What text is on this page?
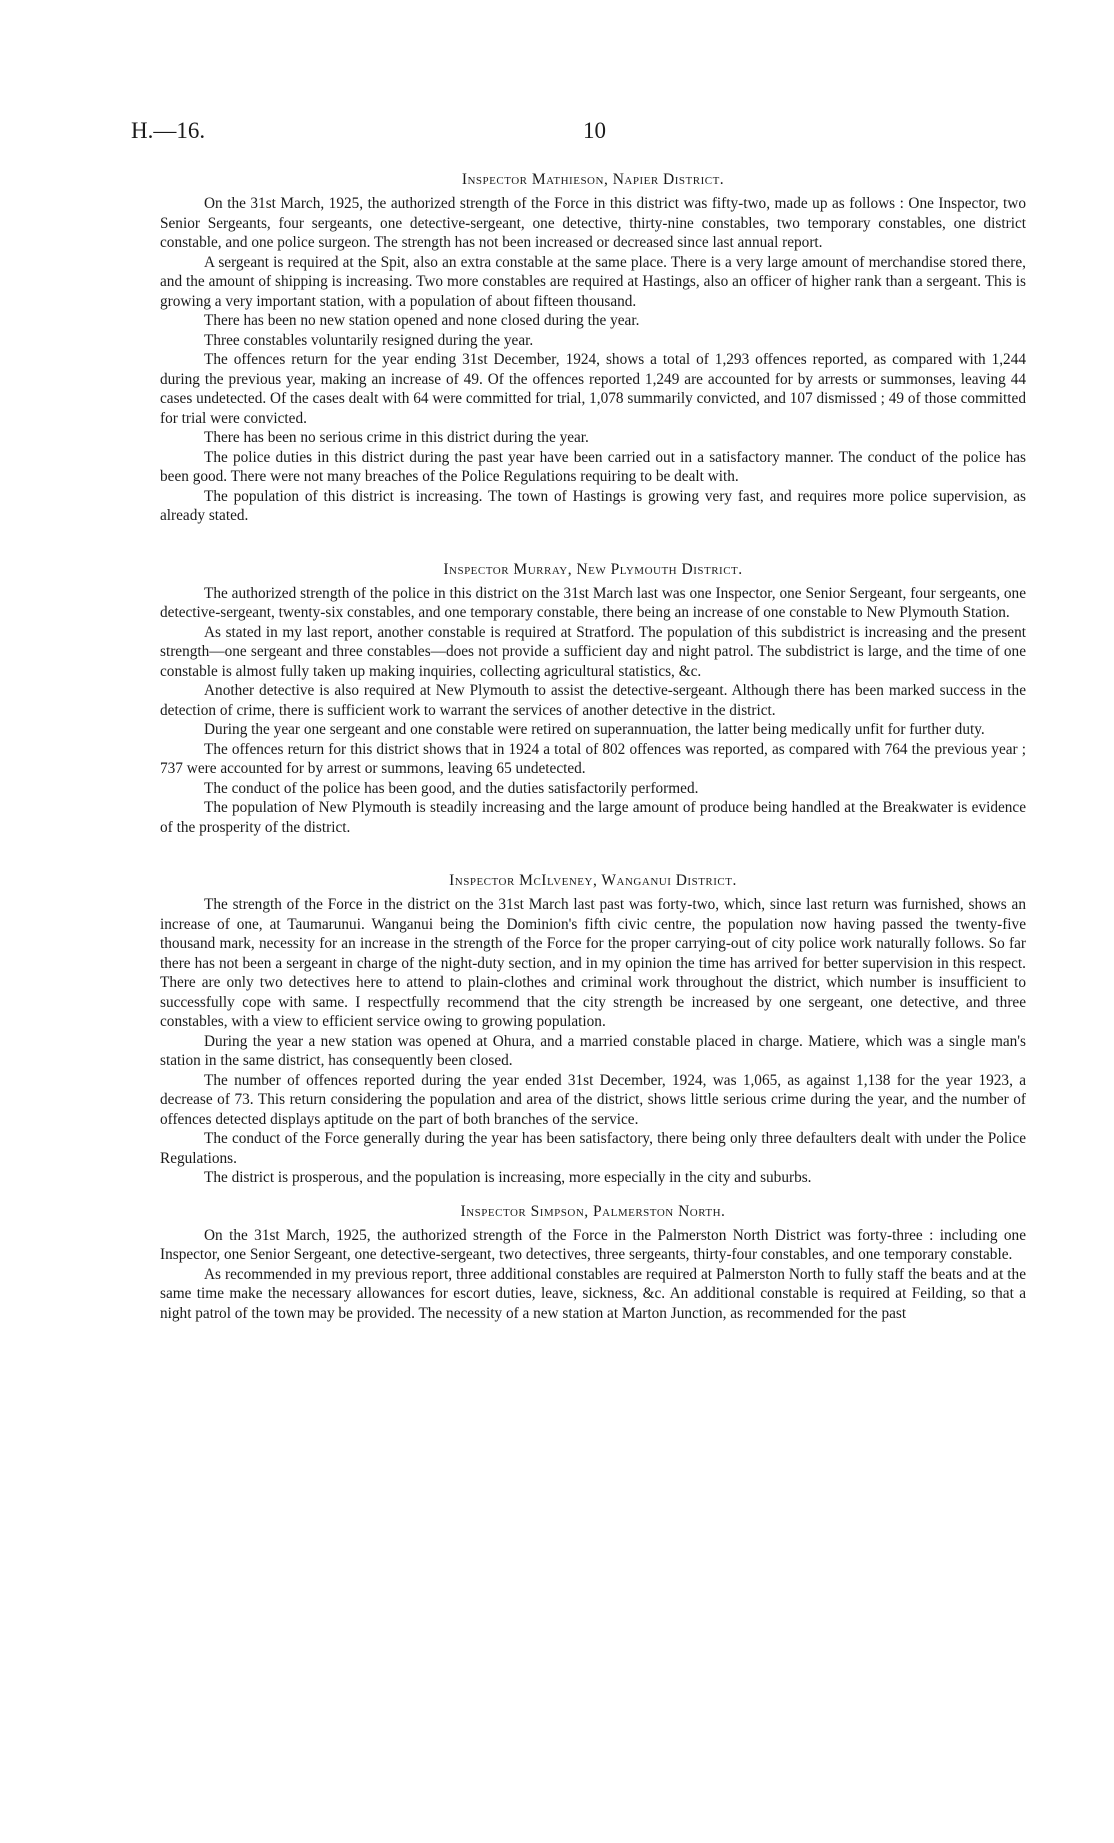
H.—16.	10
Inspector Mathieson, Napier District.

On the 31st March, 1925, the authorized strength of the Force in this district was fifty-two, made up as follows : One Inspector, two Senior Sergeants, four sergeants, one detective-sergeant, one detective, thirty-nine constables, two temporary constables, one district constable, and one police surgeon. The strength has not been increased or decreased since last annual report.

A sergeant is required at the Spit, also an extra constable at the same place. There is a very large amount of merchandise stored there, and the amount of shipping is increasing. Two more constables are required at Hastings, also an officer of higher rank than a sergeant. This is growing a very important station, with a population of about fifteen thousand.

There has been no new station opened and none closed during the year.

Three constables voluntarily resigned during the year.

The offences return for the year ending 31st December, 1924, shows a total of 1,293 offences reported, as compared with 1,244 during the previous year, making an increase of 49. Of the offences reported 1,249 are accounted for by arrests or summonses, leaving 44 cases undetected. Of the cases dealt with 64 were committed for trial, 1,078 summarily convicted, and 107 dismissed ; 49 of those committed for trial were convicted.

There has been no serious crime in this district during the year.

The police duties in this district during the past year have been carried out in a satisfactory manner. The conduct of the police has been good. There were not many breaches of the Police Regulations requiring to be dealt with.

The population of this district is increasing. The town of Hastings is growing very fast, and requires more police supervision, as already stated.

Inspector Murray, New Plymouth District.

The authorized strength of the police in this district on the 31st March last was one Inspector, one Senior Sergeant, four sergeants, one detective-sergeant, twenty-six constables, and one temporary constable, there being an increase of one constable to New Plymouth Station.

As stated in my last report, another constable is required at Stratford. The population of this subdistrict is increasing and the present strength—one sergeant and three constables—does not provide a sufficient day and night patrol. The subdistrict is large, and the time of one constable is almost fully taken up making inquiries, collecting agricultural statistics, &c.

Another detective is also required at New Plymouth to assist the detective-sergeant. Although there has been marked success in the detection of crime, there is sufficient work to warrant the services of another detective in the district.

During the year one sergeant and one constable were retired on superannuation, the latter being medically unfit for further duty.

The offences return for this district shows that in 1924 a total of 802 offences was reported, as compared with 764 the previous year ; 737 were accounted for by arrest or summons, leaving 65 undetected.

The conduct of the police has been good, and the duties satisfactorily performed.

The population of New Plymouth is steadily increasing and the large amount of produce being handled at the Breakwater is evidence of the prosperity of the district.

Inspector McIlveney, Wanganui District.

The strength of the Force in the district on the 31st March last past was forty-two, which, since last return was furnished, shows an increase of one, at Taumarunui. Wanganui being the Dominion's fifth civic centre, the population now having passed the twenty-five thousand mark, necessity for an increase in the strength of the Force for the proper carrying-out of city police work naturally follows. So far there has not been a sergeant in charge of the night-duty section, and in my opinion the time has arrived for better supervision in this respect. There are only two detectives here to attend to plain-clothes and criminal work throughout the district, which number is insufficient to successfully cope with same. I respectfully recommend that the city strength be increased by one sergeant, one detective, and three constables, with a view to efficient service owing to growing population.

During the year a new station was opened at Ohura, and a married constable placed in charge. Matiere, which was a single man's station in the same district, has consequently been closed.

The number of offences reported during the year ended 31st December, 1924, was 1,065, as against 1,138 for the year 1923, a decrease of 73. This return considering the population and area of the district, shows little serious crime during the year, and the number of offences detected displays aptitude on the part of both branches of the service.

The conduct of the Force generally during the year has been satisfactory, there being only three defaulters dealt with under the Police Regulations.

The district is prosperous, and the population is increasing, more especially in the city and suburbs.

Inspector Simpson, Palmerston North.

On the 31st March, 1925, the authorized strength of the Force in the Palmerston North District was forty-three : including one Inspector, one Senior Sergeant, one detective-sergeant, two detectives, three sergeants, thirty-four constables, and one temporary constable.

As recommended in my previous report, three additional constables are required at Palmerston North to fully staff the beats and at the same time make the necessary allowances for escort duties, leave, sickness, &c. An additional constable is required at Feilding, so that a night patrol of the town may be provided. The necessity of a new station at Marton Junction, as recommended for the past
